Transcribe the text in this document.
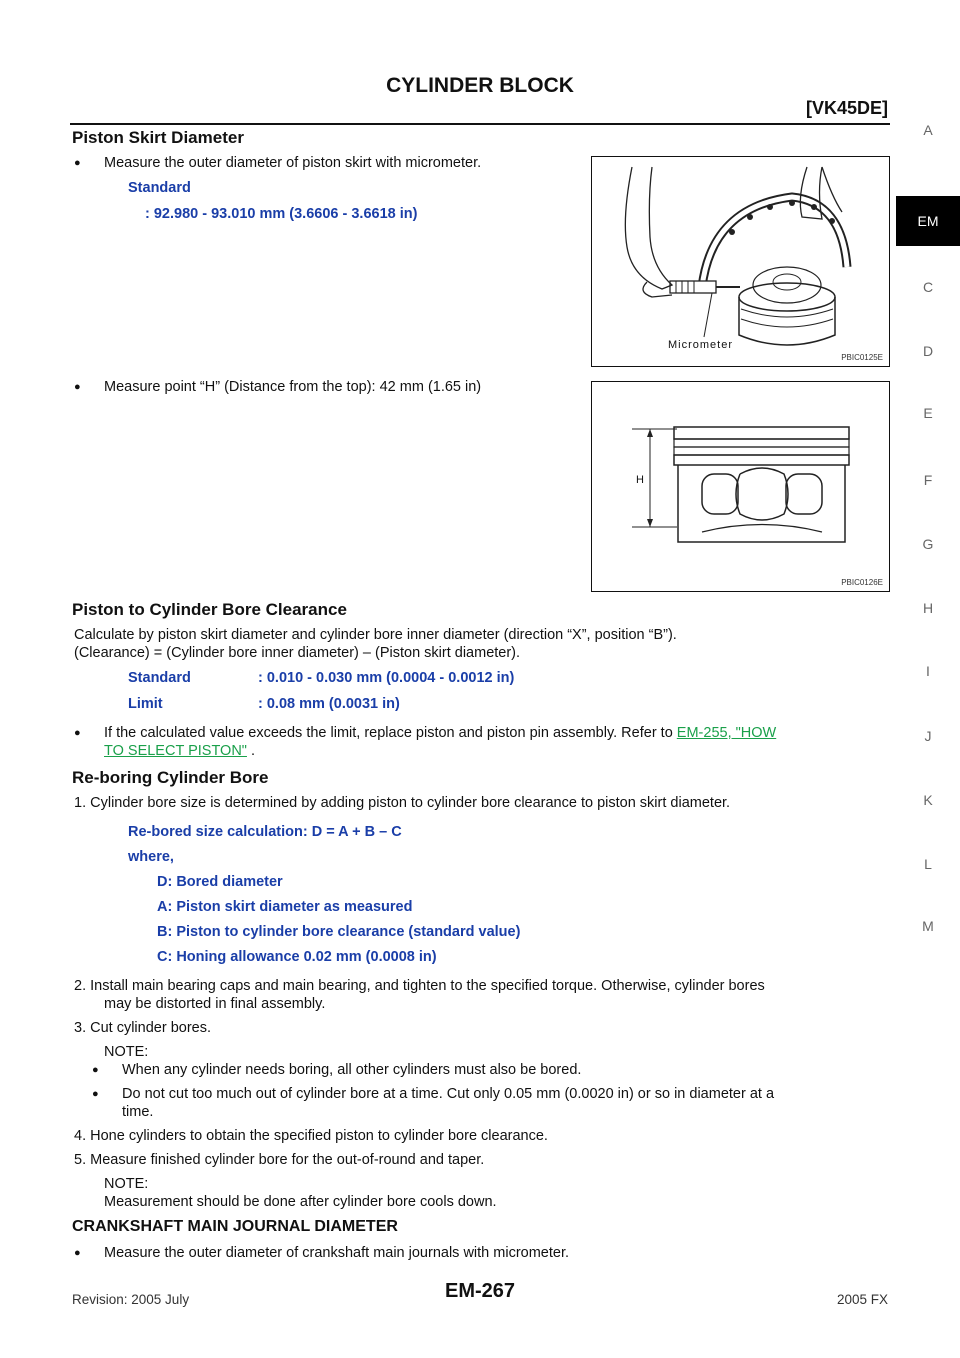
CYLINDER BLOCK
[VK45DE]
A
EM
C
D
E
F
G
H
I
J
K
L
M
Piston Skirt Diameter
● Measure the outer diameter of piston skirt with micrometer.
Standard
: 92.980 - 93.010 mm (3.6606 - 3.6618 in)
● Measure point “H” (Distance from the top): 42 mm (1.65 in)
Micrometer
PBIC0125E
H
PBIC0126E
Piston to Cylinder Bore Clearance
Calculate by piston skirt diameter and cylinder bore inner diameter (direction “X”, position “B”).
(Clearance) = (Cylinder bore inner diameter) – (Piston skirt diameter).
Standard	: 0.010 - 0.030 mm (0.0004 - 0.0012 in)
Limit	: 0.08 mm (0.0031 in)
● If the calculated value exceeds the limit, replace piston and piston pin assembly. Refer to EM-255, "HOW
TO SELECT PISTON" .
Re-boring Cylinder Bore
1. Cylinder bore size is determined by adding piston to cylinder bore clearance to piston skirt diameter.
Re-bored size calculation: D = A + B – C
where,
D: Bored diameter
A: Piston skirt diameter as measured
B: Piston to cylinder bore clearance (standard value)
C: Honing allowance 0.02 mm (0.0008 in)
2. Install main bearing caps and main bearing, and tighten to the specified torque. Otherwise, cylinder bores
may be distorted in final assembly.
3. Cut cylinder bores.
NOTE:
● When any cylinder needs boring, all other cylinders must also be bored.
● Do not cut too much out of cylinder bore at a time. Cut only 0.05 mm (0.0020 in) or so in diameter at a
time.
4. Hone cylinders to obtain the specified piston to cylinder bore clearance.
5. Measure finished cylinder bore for the out-of-round and taper.
NOTE:
Measurement should be done after cylinder bore cools down.
CRANKSHAFT MAIN JOURNAL DIAMETER
● Measure the outer diameter of crankshaft main journals with micrometer.
Revision: 2005 July	EM-267	2005 FX
